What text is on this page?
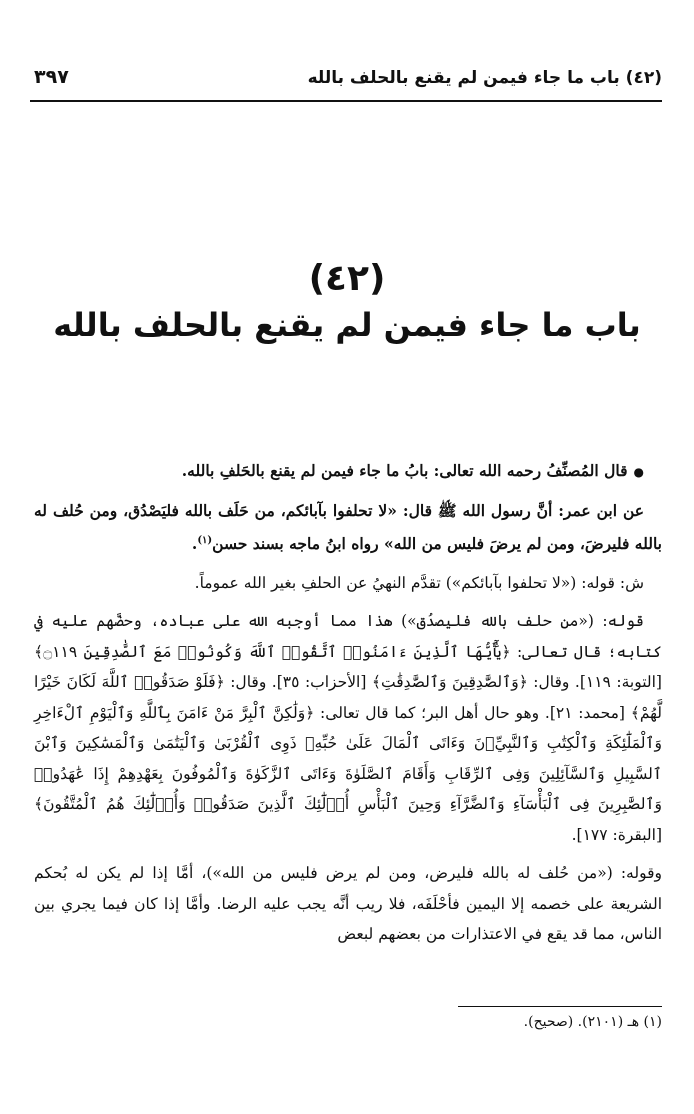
(٤٢) باب ما جاء فيمن لم يقنع بالحلف بالله
٣٩٧
(٤٢)
باب ما جاء فيمن لم يقنع بالحلف بالله

●قال المُصنِّفُ رحمه الله تعالى: بابُ ما جاء فيمن لم يقنع بالحَلفِ بالله.

عن ابن عمر: أنَّ رسول الله ﷺ قال: «لا تحلفوا بآبائكم، من حَلَف بالله فليَصْدُق، ومن حُلف له بالله فليرضَ، ومن لم يرضَ فليس من الله» رواه ابنُ ماجه بسند حسن$^{(١)}$.

ش: قوله: («لا تحلفوا بآبائكم») تقدَّم النهيُ عن الحلفِ بغير الله عموماً.

قوله: («من حلف بالله فليصدُق») هذا مما أوجبه الله على عباده، وحضَّهم عليه في كتابه؛ قال تعالى: ﴿يَٰٓأَيُّهَا ٱلَّذِينَ ءَامَنُوا۟ ٱتَّقُوا۟ ٱللَّهَ وَكُونُوا۟ مَعَ ٱلصَّٰدِقِينَ ۝١١٩﴾ [التوبة: ١١٩]. وقال: ﴿وَٱلصَّٰدِقِينَ وَٱلصَّٰدِقَٰتِ﴾ [الأحزاب: ٣٥]. وقال: ﴿فَلَوْ صَدَقُوا۟ ٱللَّهَ لَكَانَ خَيْرًا لَّهُمْ﴾ [محمد: ٢١]. وهو حال أهل البر؛ كما قال تعالى: ﴿وَلَٰكِنَّ ٱلْبِرَّ مَنْ ءَامَنَ بِٱللَّهِ وَٱلْيَوْمِ ٱلْءَاخِرِ وَٱلْمَلَٰٓئِكَةِ وَٱلْكِتَٰبِ وَٱلنَّبِيِّۦنَ وَءَاتَى ٱلْمَالَ عَلَىٰ حُبِّهِۦ ذَوِى ٱلْقُرْبَىٰ وَٱلْيَتَٰمَىٰ وَٱلْمَسَٰكِينَ وَٱبْنَ ٱلسَّبِيلِ وَٱلسَّآئِلِينَ وَفِى ٱلرِّقَابِ وَأَقَامَ ٱلصَّلَوٰةَ وَءَاتَى ٱلزَّكَوٰةَ وَٱلْمُوفُونَ بِعَهْدِهِمْ إِذَا عَٰهَدُوا۟ وَٱلصَّٰبِرِينَ فِى ٱلْبَأْسَآءِ وَٱلضَّرَّآءِ وَحِينَ ٱلْبَأْسِ أُو۟لَٰٓئِكَ ٱلَّذِينَ صَدَقُوا۟ وَأُو۟لَٰٓئِكَ هُمُ ٱلْمُتَّقُونَ﴾ [البقرة: ١٧٧].

وقوله: («من حُلف له بالله فليرض، ومن لم يرض فليس من الله»)، أمَّا إذا لم يكن له بُحكم الشريعة على خصمه إلا اليمين فأحْلَفَه، فلا ريب أنَّه يجب عليه الرضا. وأمَّا إذا كان فيما يجري بين الناس، مما قد يقع في الاعتذارات من بعضهم لبعض

(١) هـ (٢١٠١). (صحيح).
